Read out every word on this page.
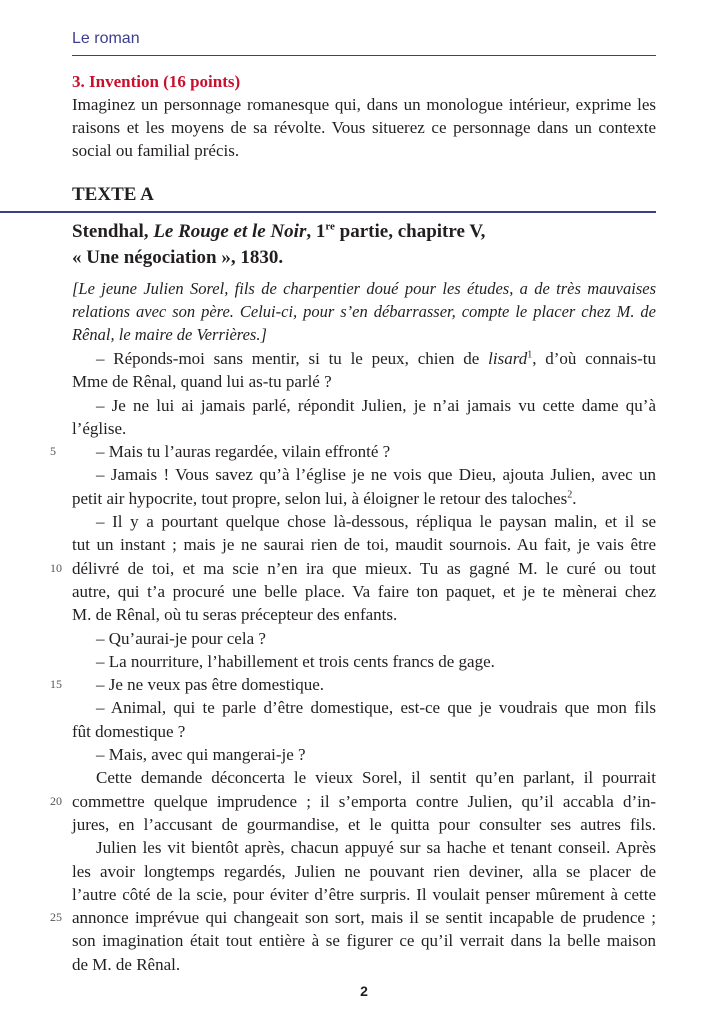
Le roman
3. Invention (16 points)
Imaginez un personnage romanesque qui, dans un monologue intérieur, exprime les raisons et les moyens de sa révolte. Vous situerez ce personnage dans un contexte social ou familial précis.
TEXTE A
Stendhal, Le Rouge et le Noir, 1re partie, chapitre V,
« Une négociation », 1830.
[Le jeune Julien Sorel, fils de charpentier doué pour les études, a de très mauvaises relations avec son père. Celui-ci, pour s’en débarrasser, compte le placer chez M. de Rênal, le maire de Verrières.]
– Réponds-moi sans mentir, si tu le peux, chien de lisard$^1$, d’où connais-tu
Mme de Rênal, quand lui as-tu parlé ?
– Je ne lui ai jamais parlé, répondit Julien, je n’ai jamais vu cette dame qu’à
l’église.
5 – Mais tu l’auras regardée, vilain effronté ?
– Jamais ! Vous savez qu’à l’église je ne vois que Dieu, ajouta Julien, avec un
petit air hypocrite, tout propre, selon lui, à éloigner le retour des taloches$^2$.
– Il y a pourtant quelque chose là-dessous, répliqua le paysan malin, et il se
tut un instant ; mais je ne saurai rien de toi, maudit sournois. Au fait, je vais être
10 délivré de toi, et ma scie n’en ira que mieux. Tu as gagné M. le curé ou tout
autre, qui t’a procuré une belle place. Va faire ton paquet, et je te mènerai chez
M. de Rênal, où tu seras précepteur des enfants.
– Qu’aurai-je pour cela ?
– La nourriture, l’habillement et trois cents francs de gage.
15 – Je ne veux pas être domestique.
– Animal, qui te parle d’être domestique, est-ce que je voudrais que mon fils
fût domestique ?
– Mais, avec qui mangerai-je ?
Cette demande déconcerta le vieux Sorel, il sentit qu’en parlant, il pourrait
20 commettre quelque imprudence ; il s’emporta contre Julien, qu’il accabla d’in-
jures, en l’accusant de gourmandise, et le quitta pour consulter ses autres fils.
Julien les vit bientôt après, chacun appuyé sur sa hache et tenant conseil. Après
les avoir longtemps regardés, Julien ne pouvant rien deviner, alla se placer de
l’autre côté de la scie, pour éviter d’être surpris. Il voulait penser mûrement à cette
25 annonce imprévue qui changeait son sort, mais il se sentit incapable de prudence ;
son imagination était tout entière à se figurer ce qu’il verrait dans la belle maison
de M. de Rênal.
2
